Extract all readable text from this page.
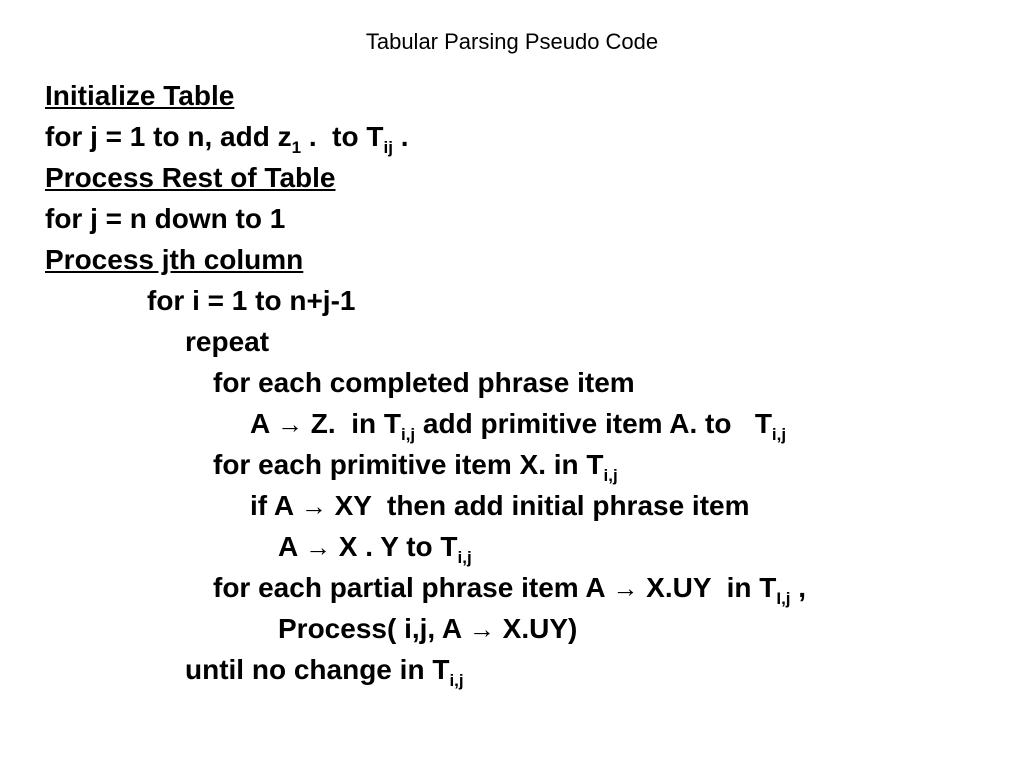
Tabular Parsing Pseudo Code
Initialize Table
for j = 1 to n, add $z_1$ .  to $T_{ij}$ .
Process Rest of Table
for j = n down to 1
Process jth column
for i = 1 to n+j-1
repeat
for each completed phrase item
A → Z.  in $T_{i,j}$ add primitive item A. to   $T_{i,j}$
for each primitive item X. in $T_{i,j}$
if A → XY  then add initial phrase item
A → X . Y to $T_{i,j}$
for each partial phrase item A → X.UY  in $T_{I,j}$ ,
Process( i,j, A → X.UY)
until no change in $T_{i,j}$
